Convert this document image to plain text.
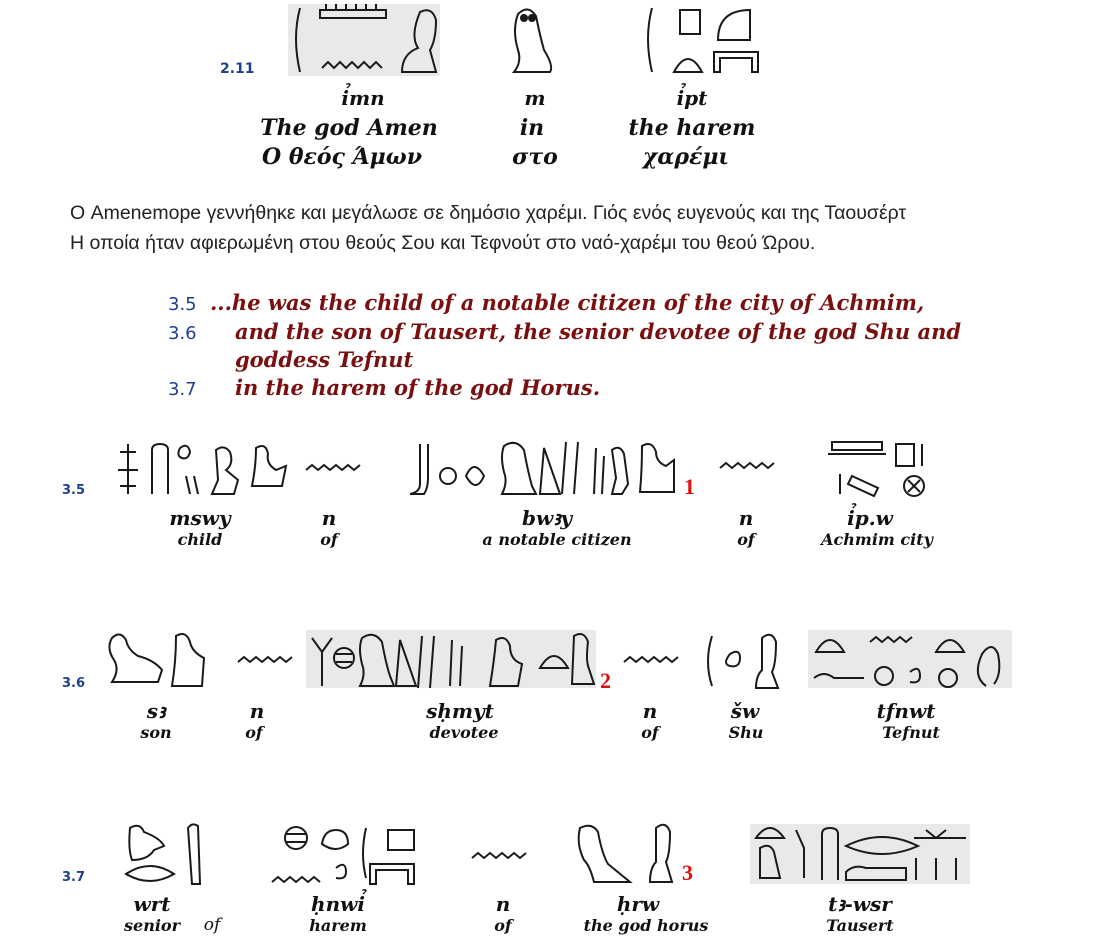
2.11
ỉmn	m	ỉpt
The god Amen	in	the harem
Ο θεός Άμων	στο	χαρέμι
Ο Amenemope γεννήθηκε και μεγάλωσε σε δημόσιο χαρέμι. Γιός ενός ευγενούς και της Ταουσέρτ
Η οποία ήταν αφιερωμένη στου θεούς Σου και Τεφνούτ στο ναό-χαρέμι του θεού Ώρου.
3.5 ...he was the child of a notable citizen of the city of Achmim,
3.6 and the son of Tausert, the senior devotee of the god Shu and
goddess Tefnut
3.7 in the harem of the god Horus.
3.5	1
mswy	n	bwꜣy	n	ỉp.w
child	of	a notable citizen	of	Achmim city
3.6	2
sꜣ	n	sḥmyt	n	šw	tfnwt
son	of	devotee	of	Shu	Tefnut
3.7	3
wrt	ḥnwỉ	n	ḥrw	tꜣ-wsr
senior of	harem	of	the god horus	Tausert
